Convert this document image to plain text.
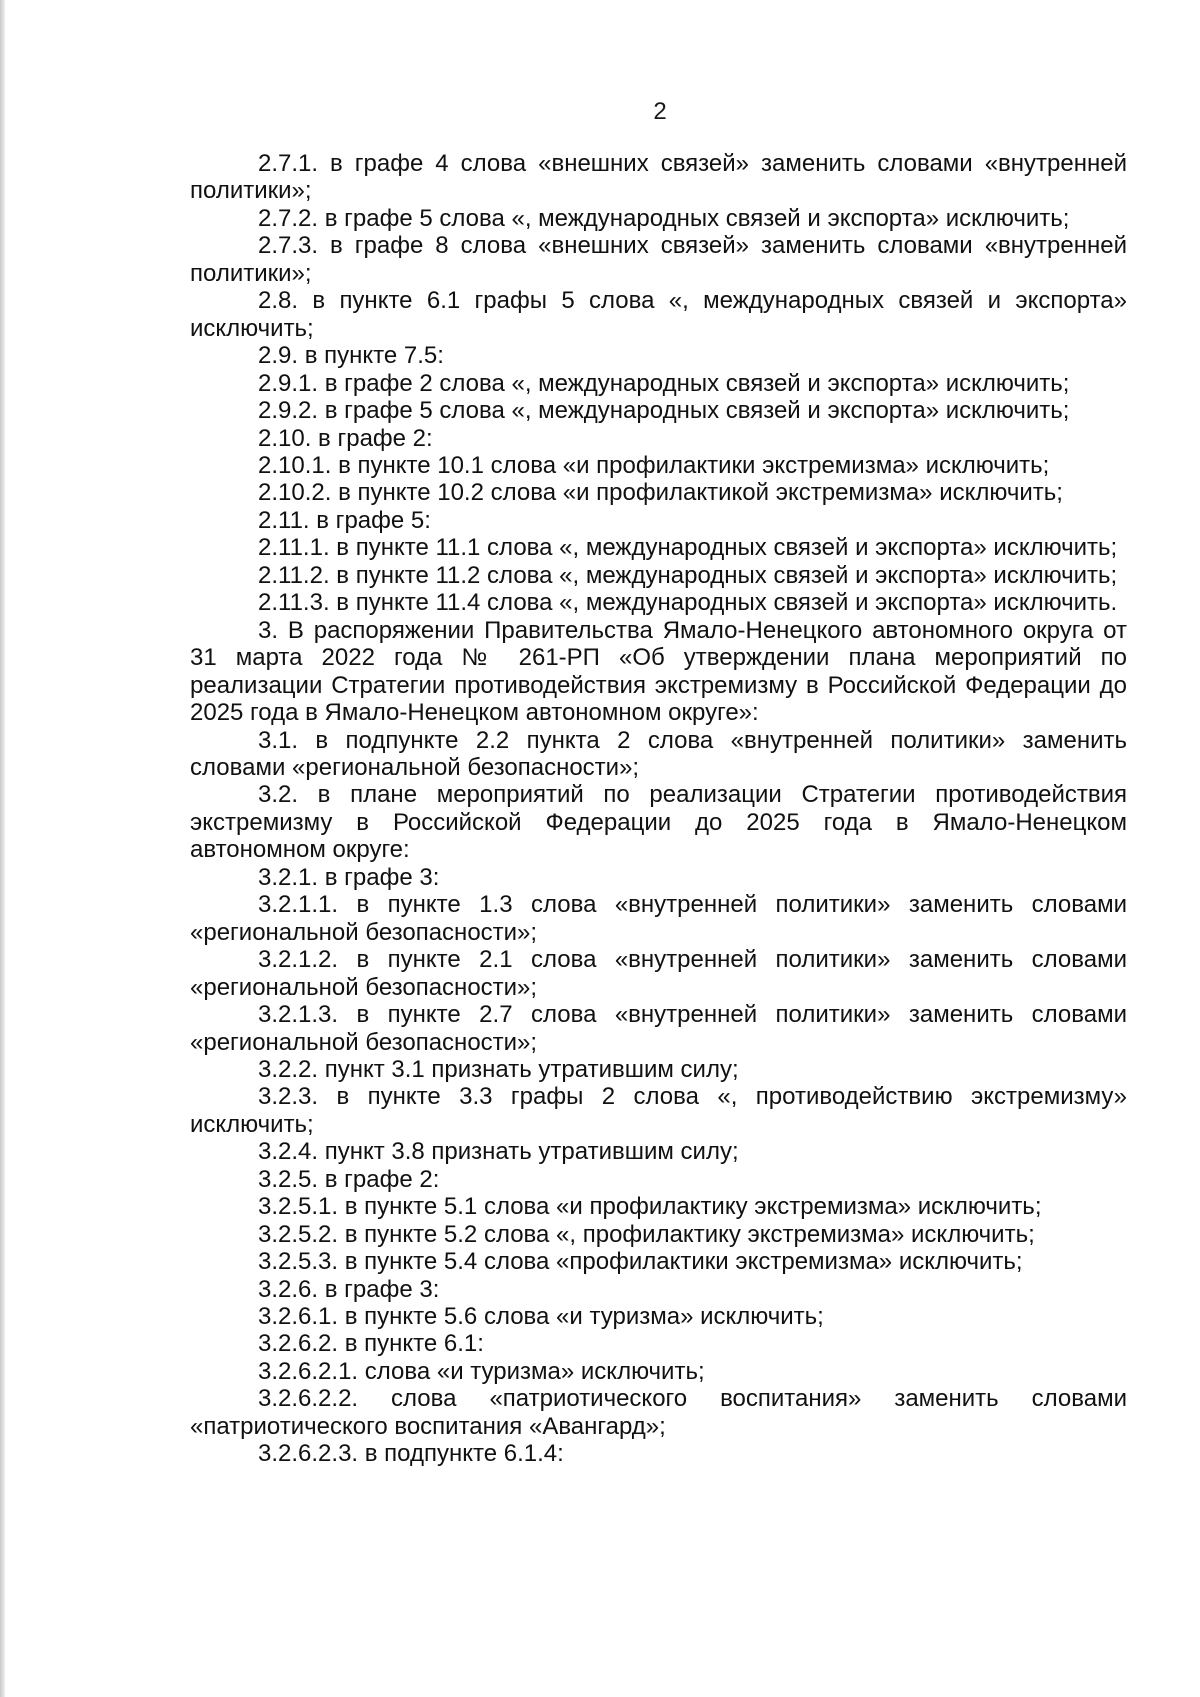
2

2.7.1. в графе 4 слова «внешних связей» заменить словами «внутренней политики»;

2.7.2. в графе 5 слова «, международных связей и экспорта» исключить;

2.7.3. в графе 8 слова «внешних связей» заменить словами «внутренней политики»;

2.8. в пункте 6.1 графы 5 слова «, международных связей и экспорта» исключить;

2.9. в пункте 7.5:

2.9.1. в графе 2 слова «, международных связей и экспорта» исключить;

2.9.2. в графе 5 слова «, международных связей и экспорта» исключить;

2.10. в графе 2:

2.10.1. в пункте 10.1 слова «и профилактики экстремизма» исключить;

2.10.2. в пункте 10.2 слова «и профилактикой экстремизма» исключить;

2.11. в графе 5:

2.11.1. в пункте 11.1 слова «, международных связей и экспорта» исключить;

2.11.2. в пункте 11.2 слова «, международных связей и экспорта» исключить;

2.11.3. в пункте 11.4 слова «, международных связей и экспорта» исключить.

3. В распоряжении Правительства Ямало-Ненецкого автономного округа от 31 марта 2022 года № 261-РП «Об утверждении плана мероприятий по реализации Стратегии противодействия экстремизму в Российской Федерации до 2025 года в Ямало-Ненецком автономном округе»:

3.1. в подпункте 2.2 пункта 2 слова «внутренней политики» заменить словами «региональной безопасности»;

3.2. в плане мероприятий по реализации Стратегии противодействия экстремизму в Российской Федерации до 2025 года в Ямало-Ненецком автономном округе:

3.2.1. в графе 3:

3.2.1.1. в пункте 1.3 слова «внутренней политики» заменить словами «региональной безопасности»;

3.2.1.2. в пункте 2.1 слова «внутренней политики» заменить словами «региональной безопасности»;

3.2.1.3. в пункте 2.7 слова «внутренней политики» заменить словами «региональной безопасности»;

3.2.2. пункт 3.1 признать утратившим силу;

3.2.3. в пункте 3.3 графы 2 слова «, противодействию экстремизму» исключить;

3.2.4. пункт 3.8 признать утратившим силу;

3.2.5. в графе 2:

3.2.5.1. в пункте 5.1 слова «и профилактику экстремизма» исключить;

3.2.5.2. в пункте 5.2 слова «, профилактику экстремизма» исключить;

3.2.5.3. в пункте 5.4 слова «профилактики экстремизма» исключить;

3.2.6. в графе 3:

3.2.6.1. в пункте 5.6 слова «и туризма» исключить;

3.2.6.2. в пункте 6.1:

3.2.6.2.1. слова «и туризма» исключить;

3.2.6.2.2. слова «патриотического воспитания» заменить словами «патриотического воспитания «Авангард»;

3.2.6.2.3. в подпункте 6.1.4:
